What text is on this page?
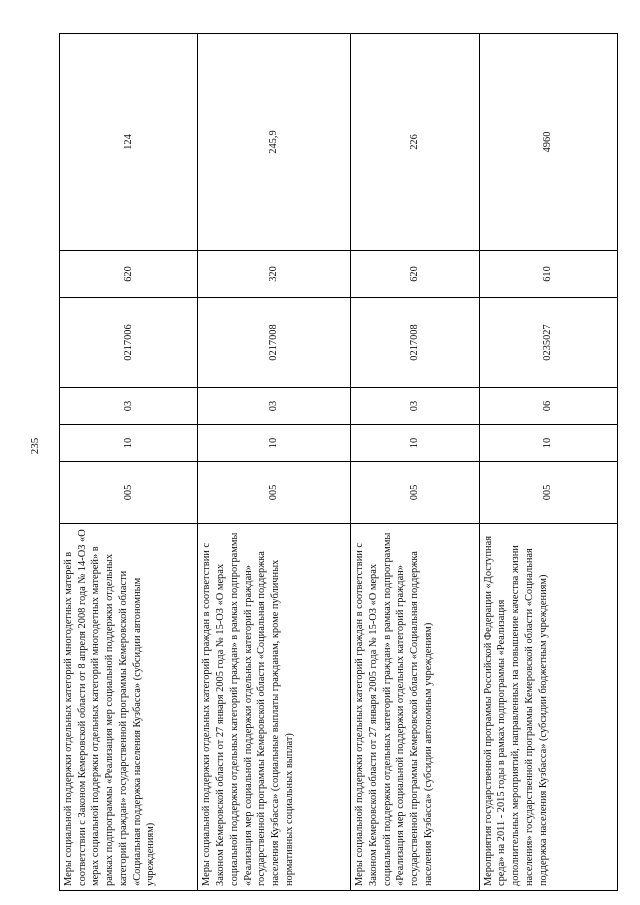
235
Меры социальной поддержки отдельных категорий многодетных матерей в соответствии с Законом Кемеровской области от 8 апреля 2008 года № 14-ОЗ «О мерах социальной поддержки отдельных категорий многодетных матерей» в рамках подпрограммы «Реализация мер социальной поддержки отдельных категорий граждан» государственной программы Кемеровской области «Социальная поддержка населения Кузбасса» (субсидии автономным учреждениям)	005	10	03	0217006	620	124
Меры социальной поддержки отдельных категорий граждан в соответствии с Законом Кемеровской области от 27 января 2005 года № 15-ОЗ «О мерах социальной поддержки отдельных категорий граждан» в рамках подпрограммы «Реализация мер социальной поддержки отдельных категорий граждан» государственной программы Кемеровской области «Социальная поддержка населения Кузбасса» (социальные выплаты гражданам, кроме публичных нормативных социальных выплат)	005	10	03	0217008	320	245,9
Меры социальной поддержки отдельных категорий граждан в соответствии с Законом Кемеровской области от 27 января 2005 года № 15-ОЗ «О мерах социальной поддержки отдельных категорий граждан» в рамках подпрограммы «Реализация мер социальной поддержки отдельных категорий граждан» государственной программы Кемеровской области «Социальная поддержка населения Кузбасса» (субсидии автономным учреждениям)	005	10	03	0217008	620	226
Мероприятия государственной программы Российской Федерации «Доступная среда» на 2011 - 2015 годы в рамках подпрограммы «Реализация дополнительных мероприятий, направленных на повышение качества жизни населения» государственной программы Кемеровской области «Социальная поддержка населения Кузбасса» (субсидии бюджетным учреждениям)	005	10	06	0235027	610	4960
